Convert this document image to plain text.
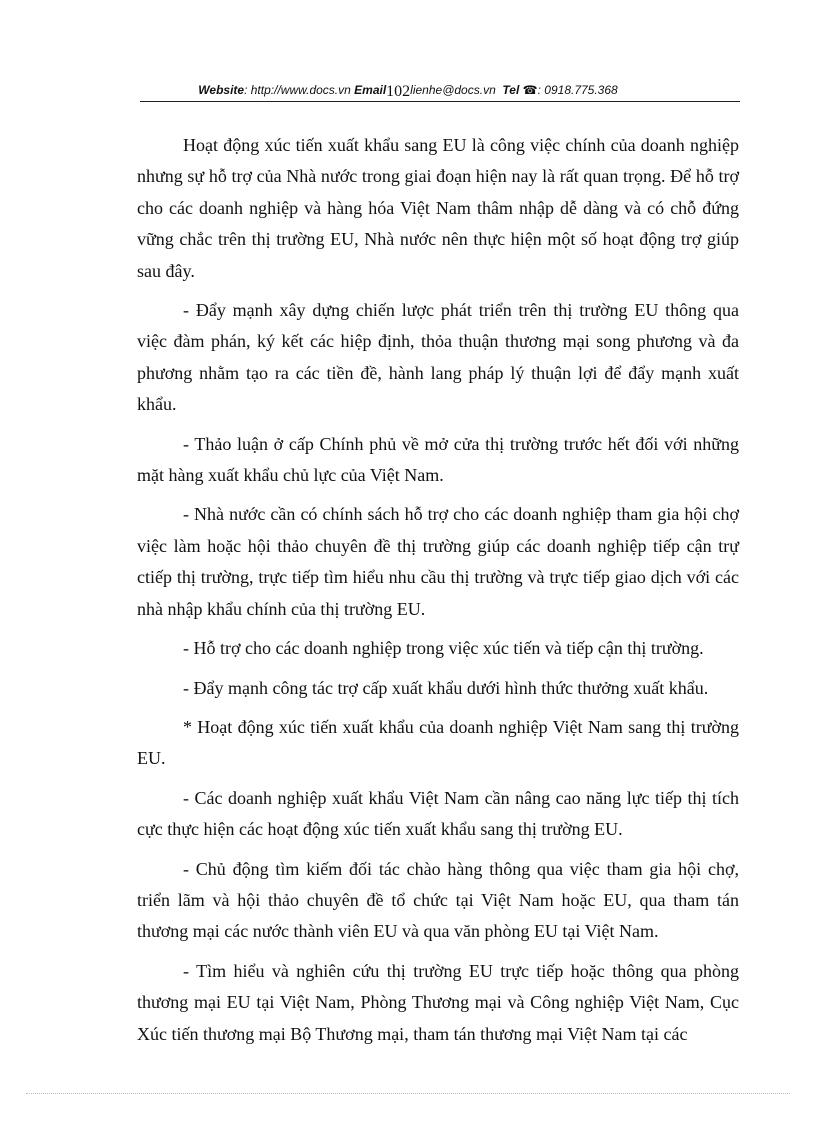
Website: http://www.docs.vn Email102lienhe@docs.vn Tel ☎: 0918.775.368

Hoạt động xúc tiến xuất khẩu sang EU là công việc chính của doanh nghiệp nhưng sự hỗ trợ của Nhà nước trong giai đoạn hiện nay là rất quan trọng. Để hỗ trợ cho các doanh nghiệp và hàng hóa Việt Nam thâm nhập dễ dàng và có chỗ đứng vững chắc trên thị trường EU, Nhà nước nên thực hiện một số hoạt động trợ giúp sau đây.

- Đẩy mạnh xây dựng chiến lược phát triển trên thị trường EU thông qua việc đàm phán, ký kết các hiệp định, thỏa thuận thương mại song phương và đa phương nhằm tạo ra các tiền đề, hành lang pháp lý thuận lợi để đẩy mạnh xuất khẩu.

- Thảo luận ở cấp Chính phủ về mở cửa thị trường trước hết đối với những mặt hàng xuất khẩu chủ lực của Việt Nam.

- Nhà nước cần có chính sách hỗ trợ cho các doanh nghiệp tham gia hội chợ việc làm hoặc hội thảo chuyên đề thị trường giúp các doanh nghiệp tiếp cận trự ctiếp thị trường, trực tiếp tìm hiểu nhu cầu thị trường và trực tiếp giao dịch với các nhà nhập khẩu chính của thị trường EU.

- Hỗ trợ cho các doanh nghiệp trong việc xúc tiến và tiếp cận thị trường.

- Đẩy mạnh công tác trợ cấp xuất khẩu dưới hình thức thưởng xuất khẩu.

* Hoạt động xúc tiến xuất khẩu của doanh nghiệp Việt Nam sang thị trường EU.

- Các doanh nghiệp xuất khẩu Việt Nam cần nâng cao năng lực tiếp thị tích cực thực hiện các hoạt động xúc tiến xuất khẩu sang thị trường EU.

- Chủ động tìm kiếm đối tác chào hàng thông qua việc tham gia hội chợ, triển lãm và hội thảo chuyên đề tổ chức tại Việt Nam hoặc EU, qua tham tán thương mại các nước thành viên EU và qua văn phòng EU tại Việt Nam.

- Tìm hiểu và nghiên cứu thị trường EU trực tiếp hoặc thông qua phòng thương mại EU tại Việt Nam, Phòng Thương mại và Công nghiệp Việt Nam, Cục Xúc tiến thương mại Bộ Thương mại, tham tán thương mại Việt Nam tại các
